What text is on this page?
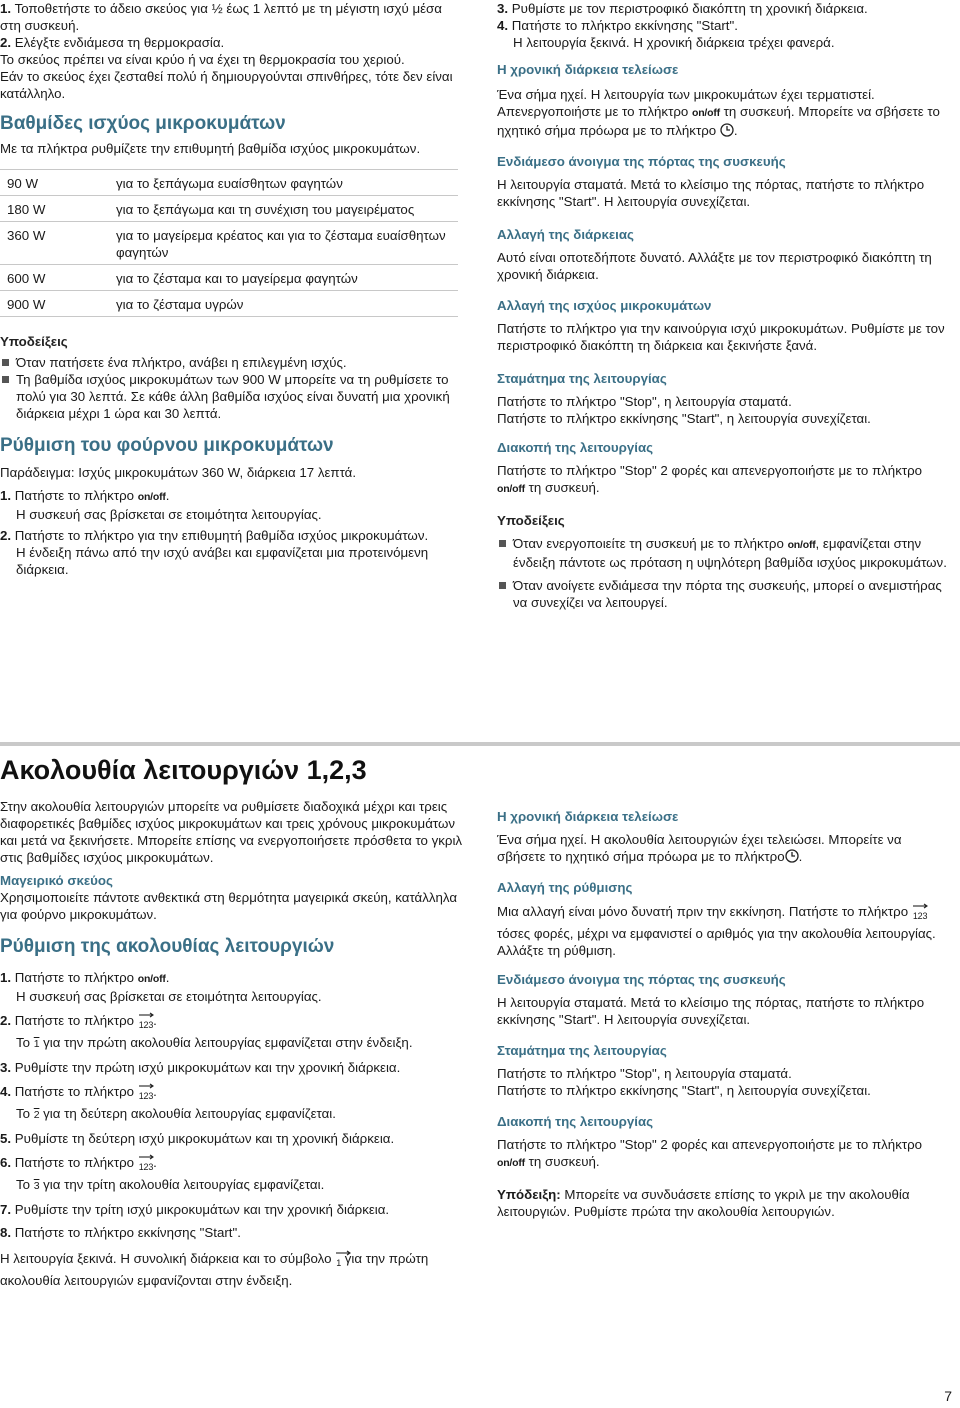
1. Τοποθετήστε το άδειο σκεύος για ½ έως 1 λεπτό με τη μέγιστη ισχύ μέσα στη συσκευή.
2. Ελέγξτε ενδιάμεσα τη θερμοκρασία.

Το σκεύος πρέπει να είναι κρύο ή να έχει τη θερμοκρασία του χεριού.

Εάν το σκεύος έχει ζεσταθεί πολύ ή δημιουργούνται σπινθήρες, τότε δεν είναι κατάλληλο.

Βαθμίδες ισχύος μικροκυμάτων

Με τα πλήκτρα ρυθμίζετε την επιθυμητή βαθμίδα ισχύος μικροκυμάτων.

90 W	για το ξεπάγωμα ευαίσθητων φαγητών
180 W	για το ξεπάγωμα και τη συνέχιση του μαγειρέματος
360 W	για το μαγείρεμα κρέατος και για το ζέσταμα ευαίσθητων φαγητών
600 W	για το ζέσταμα και το μαγείρεμα φαγητών
900 W	για το ζέσταμα υγρών
Υποδείξεις
Όταν πατήσετε ένα πλήκτρο, ανάβει η επιλεγμένη ισχύς.
Τη βαθμίδα ισχύος μικροκυμάτων των 900 W μπορείτε να τη ρυθμίσετε το πολύ για 30 λεπτά. Σε κάθε άλλη βαθμίδα ισχύος είναι δυνατή μια χρονική διάρκεια μέχρι 1 ώρα και 30 λεπτά.
Ρύθμιση του φούρνου μικροκυμάτων

Παράδειγμα: Ισχύς μικροκυμάτων 360 W, διάρκεια 17 λεπτά.

1. Πατήστε το πλήκτρο on/off.

Η συσκευή σας βρίσκεται σε ετοιμότητα λειτουργίας.

2. Πατήστε το πλήκτρο για την επιθυμητή βαθμίδα ισχύος μικροκυμάτων.

Η ένδειξη πάνω από την ισχύ ανάβει και εμφανίζεται μια προτεινόμενη διάρκεια.

3. Ρυθμίστε με τον περιστροφικό διακόπτη τη χρονική διάρκεια.

4. Πατήστε το πλήκτρο εκκίνησης "Start".

Η λειτουργία ξεκινά. Η χρονική διάρκεια τρέχει φανερά.

Η χρονική διάρκεια τελείωσε

Ένα σήμα ηχεί. Η λειτουργία των μικροκυμάτων έχει τερματιστεί. Απενεργοποιήστε με το πλήκτρο on/off τη συσκευή. Μπορείτε να σβήσετε το ηχητικό σήμα πρόωρα με το πλήκτρο .

Ενδιάμεσο άνοιγμα της πόρτας της συσκευής

Η λειτουργία σταματά. Μετά το κλείσιμο της πόρτας, πατήστε το πλήκτρο εκκίνησης "Start". Η λειτουργία συνεχίζεται.

Αλλαγή της διάρκειας

Αυτό είναι οποτεδήποτε δυνατό. Αλλάξτε με τον περιστροφικό διακόπτη τη χρονική διάρκεια.

Αλλαγή της ισχύος μικροκυμάτων

Πατήστε το πλήκτρο για την καινούργια ισχύ μικροκυμάτων. Ρυθμίστε με τον περιστροφικό διακόπτη τη διάρκεια και ξεκινήστε ξανά.

Σταμάτημα της λειτουργίας

Πατήστε το πλήκτρο "Stop", η λειτουργία σταματά.

Πατήστε το πλήκτρο εκκίνησης "Start", η λειτουργία συνεχίζεται.

Διακοπή της λειτουργίας

Πατήστε το πλήκτρο "Stop" 2 φορές και απενεργοποιήστε με το πλήκτρο on/off τη συσκευή.

Υποδείξεις
Όταν ενεργοποιείτε τη συσκευή με το πλήκτρο on/off, εμφανίζεται στην ένδειξη πάντοτε ως πρόταση η υψηλότερη βαθμίδα ισχύος μικροκυμάτων.
Όταν ανοίγετε ενδιάμεσα την πόρτα της συσκευής, μπορεί ο ανεμιστήρας να συνεχίζει να λειτουργεί.
Ακολουθία λειτουργιών 1,2,3

Στην ακολουθία λειτουργιών μπορείτε να ρυθμίσετε διαδοχικά μέχρι και τρεις διαφορετικές βαθμίδες ισχύος μικροκυμάτων και τρεις χρόνους μικροκυμάτων και μετά να ξεκινήσετε. Μπορείτε επίσης να ενεργοποιήσετε πρόσθετα το γκριλ στις βαθμίδες ισχύος μικροκυμάτων.

Μαγειρικό σκεύος

Χρησιμοποιείτε πάντοτε ανθεκτικά στη θερμότητα μαγειρικά σκεύη, κατάλληλα για φούρνο μικροκυμάτων.

Ρύθμιση της ακολουθίας λειτουργιών

1. Πατήστε το πλήκτρο on/off.

Η συσκευή σας βρίσκεται σε ετοιμότητα λειτουργίας.

2. Πατήστε το πλήκτρο $_{123}$.

Το 1 για την πρώτη ακολουθία λειτουργίας εμφανίζεται στην ένδειξη.

3. Ρυθμίστε την πρώτη ισχύ μικροκυμάτων και την χρονική διάρκεια.

4. Πατήστε το πλήκτρο $_{123}$.

Το 2 για τη δεύτερη ακολουθία λειτουργίας εμφανίζεται.

5. Ρυθμίστε τη δεύτερη ισχύ μικροκυμάτων και τη χρονική διάρκεια.

6. Πατήστε το πλήκτρο $_{123}$.

Το 3 για την τρίτη ακολουθία λειτουργίας εμφανίζεται.

7. Ρυθμίστε την τρίτη ισχύ μικροκυμάτων και την χρονική διάρκεια.

8. Πατήστε το πλήκτρο εκκίνησης "Start".

Η λειτουργία ξεκινά. Η συνολική διάρκεια και το σύμβολο $_1$ για την πρώτη ακολουθία λειτουργιών εμφανίζονται στην ένδειξη.

Η χρονική διάρκεια τελείωσε

Ένα σήμα ηχεί. Η ακολουθία λειτουργιών έχει τελειώσει. Μπορείτε να σβήσετε το ηχητικό σήμα πρόωρα με το πλήκτρο .

Αλλαγή της ρύθμισης

Μια αλλαγή είναι μόνο δυνατή πριν την εκκίνηση. Πατήστε το πλήκτρο $_{123}$ τόσες φορές, μέχρι να εμφανιστεί ο αριθμός για την ακολουθία λειτουργίας. Αλλάξτε τη ρύθμιση.

Ενδιάμεσο άνοιγμα της πόρτας της συσκευής

Η λειτουργία σταματά. Μετά το κλείσιμο της πόρτας, πατήστε το πλήκτρο εκκίνησης "Start". Η λειτουργία συνεχίζεται.

Σταμάτημα της λειτουργίας

Πατήστε το πλήκτρο "Stop", η λειτουργία σταματά.

Πατήστε το πλήκτρο εκκίνησης "Start", η λειτουργία συνεχίζεται.

Διακοπή της λειτουργίας

Πατήστε το πλήκτρο "Stop" 2 φορές και απενεργοποιήστε με το πλήκτρο on/off τη συσκευή.

Υπόδειξη: Μπορείτε να συνδυάσετε επίσης το γκριλ με την ακολουθία λειτουργιών. Ρυθμίστε πρώτα την ακολουθία λειτουργιών.

7
